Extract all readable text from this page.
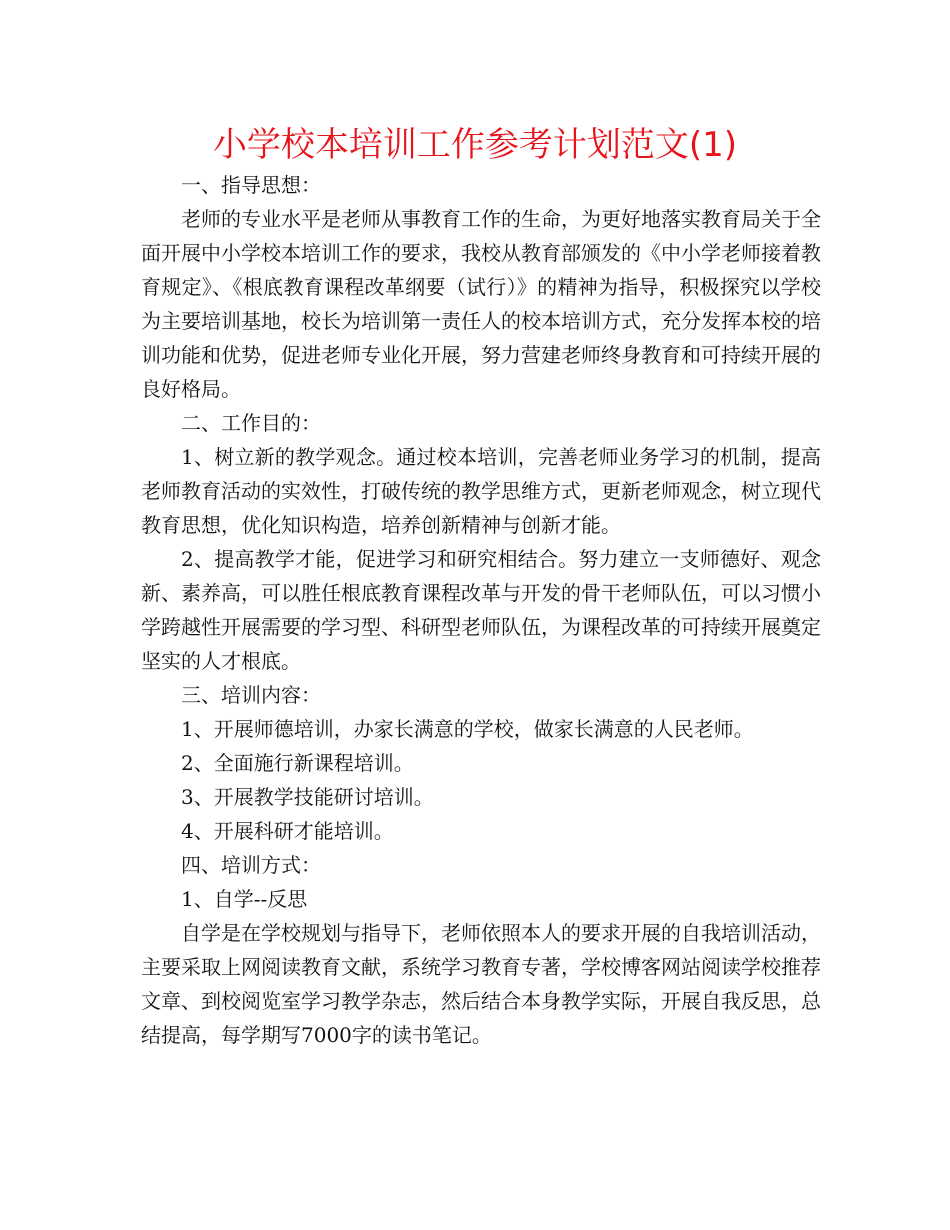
小学校本培训工作参考计划范文(1)

一、指导思想：

老师的专业水平是老师从事教育工作的生命，为更好地落实教育局关于全面开展中小学校本培训工作的要求，我校从教育部颁发的《中小学老师接着教育规定》、《根底教育课程改革纲要（试行）》的精神为指导，积极探究以学校为主要培训基地，校长为培训第一责任人的校本培训方式，充分发挥本校的培训功能和优势，促进老师专业化开展，努力营建老师终身教育和可持续开展的良好格局。

二、工作目的：

1、树立新的教学观念。通过校本培训，完善老师业务学习的机制，提高老师教育活动的实效性，打破传统的教学思维方式，更新老师观念，树立现代教育思想，优化知识构造，培养创新精神与创新才能。

2、提高教学才能，促进学习和研究相结合。努力建立一支师德好、观念新、素养高，可以胜任根底教育课程改革与开发的骨干老师队伍，可以习惯小学跨越性开展需要的学习型、科研型老师队伍，为课程改革的可持续开展奠定坚实的人才根底。

三、培训内容：

1、开展师德培训，办家长满意的学校，做家长满意的人民老师。

2、全面施行新课程培训。

3、开展教学技能研讨培训。

4、开展科研才能培训。

四、培训方式：

1、自学--反思

自学是在学校规划与指导下，老师依照本人的要求开展的自我培训活动，主要采取上网阅读教育文献，系统学习教育专著，学校博客网站阅读学校推荐文章、到校阅览室学习教学杂志，然后结合本身教学实际，开展自我反思，总结提高，每学期写7000字的读书笔记。
